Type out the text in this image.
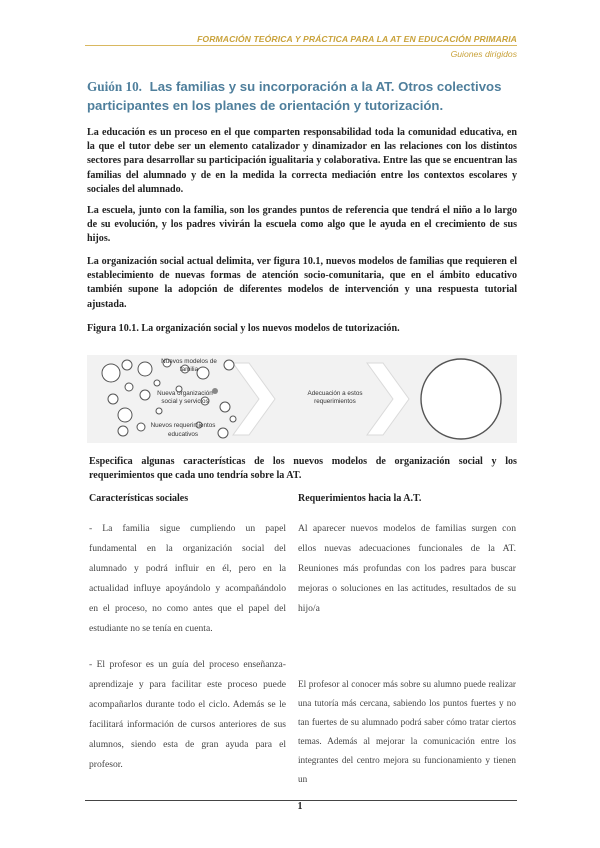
FORMACIÓN TEÓRICA Y PRÁCTICA PARA LA AT EN EDUCACIÓN PRIMARIA
Guiones dirigidos
Guión 10. Las familias y su incorporación a la AT. Otros colectivos participantes en los planes de orientación y tutorización.
La educación es un proceso en el que comparten responsabilidad toda la comunidad educativa, en la que el tutor debe ser un elemento catalizador y dinamizador en las relaciones con los distintos sectores para desarrollar su participación igualitaria y colaborativa. Entre las que se encuentran las familias del alumnado y de en la medida la correcta mediación entre los contextos escolares y sociales del alumnado.
La escuela, junto con la familia, son los grandes puntos de referencia que tendrá el niño a lo largo de su evolución, y los padres vivirán la escuela como algo que le ayuda en el crecimiento de sus hijos.
La organización social actual delimita, ver figura 10.1, nuevos modelos de familias que requieren el establecimiento de nuevas formas de atención socio-comunitaria, que en el ámbito educativo también supone la adopción de diferentes modelos de intervención y una respuesta tutorial ajustada.
Figura 10.1. La organización social y los nuevos modelos de tutorización.
Nuevos modelos de
familia
Nueva organización
social y servicios
Nuevos requerimientos
educativos
Adecuación a estos
requerimientos
Especifica algunas características de los nuevos modelos de organización social y los requerimientos que cada uno tendría sobre la AT.
Características sociales	Requerimientos hacia la A.T.
- La familia sigue cumpliendo un papel fundamental en la organización social del alumnado y podrá influir en él, pero en la actualidad influye apoyándolo y acompañándolo en el proceso, no como antes que el papel del estudiante no se tenía en cuenta.
Al aparecer nuevos modelos de familias surgen con ellos nuevas adecuaciones funcionales de la AT. Reuniones más profundas con los padres para buscar mejoras o soluciones en las actitudes, resultados de su hijo/a
- El profesor es un guía del proceso enseñanza-aprendizaje y para facilitar este proceso puede acompañarlos durante todo el ciclo. Además se le facilitará información de cursos anteriores de sus alumnos, siendo esta de gran ayuda para el profesor.
El profesor al conocer más sobre su alumno puede realizar una tutoría más cercana, sabiendo los puntos fuertes y no tan fuertes de su alumnado podrá saber cómo tratar ciertos temas. Además al mejorar la comunicación entre los integrantes del centro mejora su funcionamiento y tienen un
1
